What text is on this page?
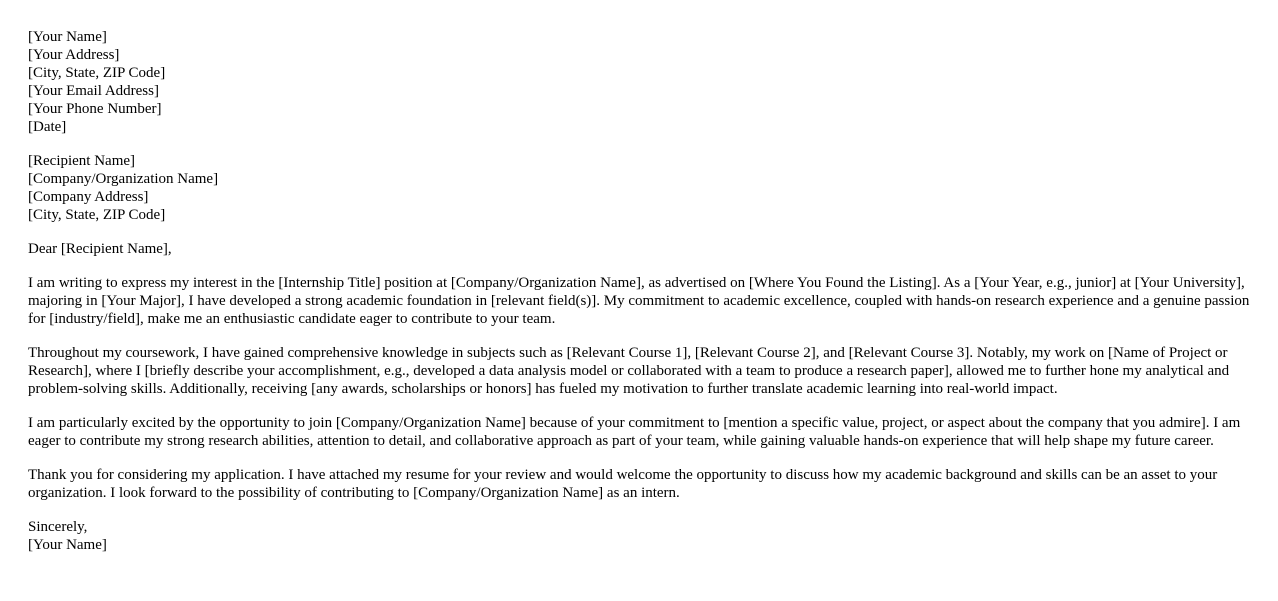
[Your Name]
[Your Address]
[City, State, ZIP Code]
[Your Email Address]
[Your Phone Number]
[Date]
[Recipient Name]
[Company/Organization Name]
[Company Address]
[City, State, ZIP Code]

Dear [Recipient Name],

I am writing to express my interest in the [Internship Title] position at [Company/Organization Name], as advertised on [Where You Found the Listing]. As a [Your Year, e.g., junior] at [Your University], majoring in [Your Major], I have developed a strong academic foundation in [relevant field(s)]. My commitment to academic excellence, coupled with hands-on research experience and a genuine passion for [industry/field], make me an enthusiastic candidate eager to contribute to your team.

Throughout my coursework, I have gained comprehensive knowledge in subjects such as [Relevant Course 1], [Relevant Course 2], and [Relevant Course 3]. Notably, my work on [Name of Project or Research], where I [briefly describe your accomplishment, e.g., developed a data analysis model or collaborated with a team to produce a research paper], allowed me to further hone my analytical and problem-solving skills. Additionally, receiving [any awards, scholarships or honors] has fueled my motivation to further translate academic learning into real-world impact.

I am particularly excited by the opportunity to join [Company/Organization Name] because of your commitment to [mention a specific value, project, or aspect about the company that you admire]. I am eager to contribute my strong research abilities, attention to detail, and collaborative approach as part of your team, while gaining valuable hands-on experience that will help shape my future career.

Thank you for considering my application. I have attached my resume for your review and would welcome the opportunity to discuss how my academic background and skills can be an asset to your organization. I look forward to the possibility of contributing to [Company/Organization Name] as an intern.

Sincerely,
[Your Name]
